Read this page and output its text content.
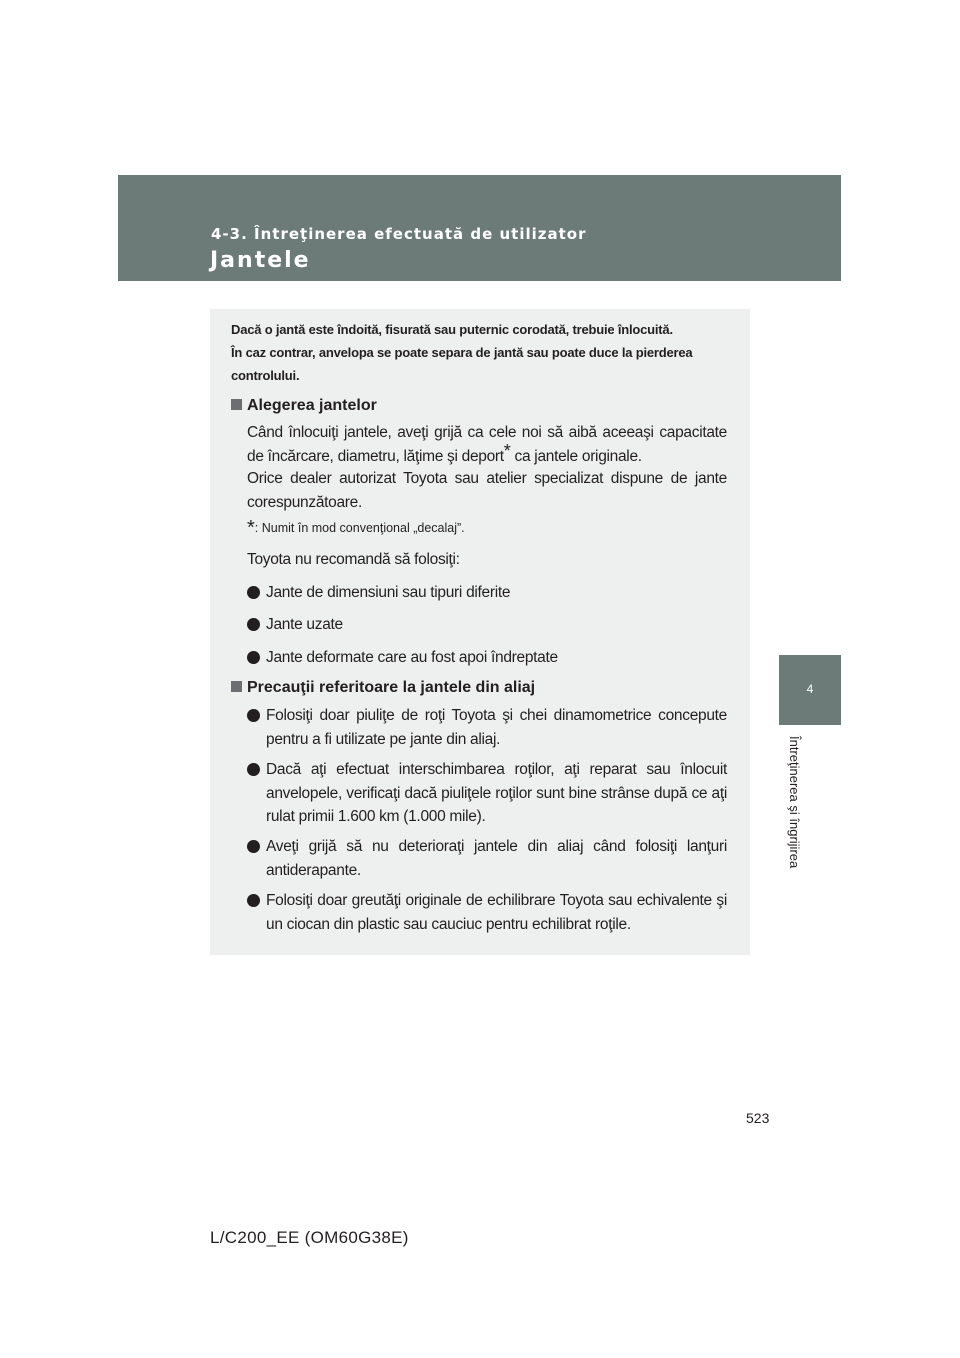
4-3. Întreţinerea efectuată de utilizator
Jantele
4
Întreţinerea şi îngrijirea
Dacă o jantă este îndoită, fisurată sau puternic corodată, trebuie înlocuită.
În caz contrar, anvelopa se poate separa de jantă sau poate duce la pierderea controlului.
Alegerea jantelor
Când înlocuiţi jantele, aveţi grijă ca cele noi să aibă aceeaşi capacitate de încărcare, diametru, lăţime şi deport* ca jantele originale.
Orice dealer autorizat Toyota sau atelier specializat dispune de jante corespunzătoare.
*: Numit în mod convenţional „decalaj”.
Toyota nu recomandă să folosiţi:
Jante de dimensiuni sau tipuri diferite
Jante uzate
Jante deformate care au fost apoi îndreptate
Precauţii referitoare la jantele din aliaj
Folosiţi doar piuliţe de roţi Toyota şi chei dinamometrice concepute pentru a fi utilizate pe jante din aliaj.
Dacă aţi efectuat interschimbarea roţilor, aţi reparat sau înlocuit anvelopele, verificaţi dacă piuliţele roţilor sunt bine strânse după ce aţi rulat primii 1.600 km (1.000 mile).
Aveţi grijă să nu deterioraţi jantele din aliaj când folosiţi lanţuri antiderapante.
Folosiţi doar greutăţi originale de echilibrare Toyota sau echivalente şi un ciocan din plastic sau cauciuc pentru echilibrat roţile.
523
L/C200_EE (OM60G38E)
